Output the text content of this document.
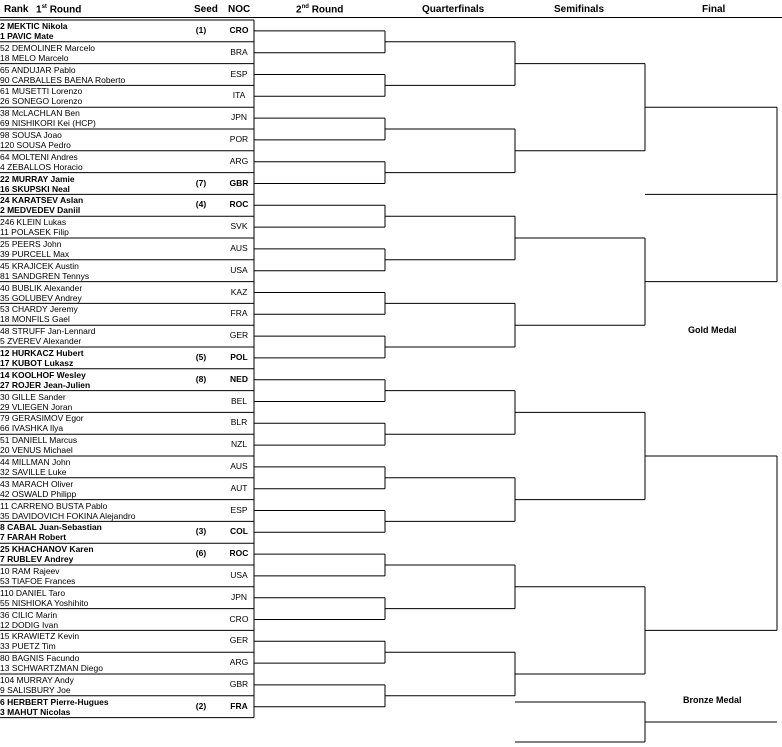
Rank 1st Round	Seed NOC	2nd Round	Quarterfinals	Semifinals	Final
2 MEKTIC Nikola
1 PAVIC Mate
(1)	CRO
52 DEMOLINER Marcelo
18 MELO Marcelo
BRA
65 ANDUJAR Pablo
90 CARBALLES BAENA Roberto
ESP
61 MUSETTI Lorenzo
26 SONEGO Lorenzo
ITA
38 McLACHLAN Ben
69 NISHIKORI Kei (HCP)
JPN
98 SOUSA Joao
120 SOUSA Pedro
POR
64 MOLTENI Andres
4 ZEBALLOS Horacio
ARG
22 MURRAY Jamie
16 SKUPSKI Neal
(7)	GBR
24 KARATSEV Aslan
2 MEDVEDEV Daniil
(4)	ROC
246 KLEIN Lukas
11 POLASEK Filip
SVK
25 PEERS John
39 PURCELL Max
AUS
45 KRAJICEK Austin
81 SANDGREN Tennys
USA
40 BUBLIK Alexander
35 GOLUBEV Andrey
KAZ
53 CHARDY Jeremy
18 MONFILS Gael
FRA
48 STRUFF Jan-Lennard
5 ZVEREV Alexander
GER
12 HURKACZ Hubert
17 KUBOT Lukasz
(5)	POL
14 KOOLHOF Wesley
27 ROJER Jean-Julien
(8)	NED
30 GILLE Sander
29 VLIEGEN Joran
BEL
79 GERASIMOV Egor
66 IVASHKA Ilya
BLR
51 DANIELL Marcus
20 VENUS Michael
NZL
44 MILLMAN John
32 SAVILLE Luke
AUS
43 MARACH Oliver
42 OSWALD Philipp
AUT
11 CARRENO BUSTA Pablo
35 DAVIDOVICH FOKINA Alejandro
ESP
8 CABAL Juan-Sebastian
7 FARAH Robert
(3)	COL
25 KHACHANOV Karen
7 RUBLEV Andrey
(6)	ROC
10 RAM Rajeev
53 TIAFOE Frances
USA
110 DANIEL Taro
55 NISHIOKA Yoshihito
JPN
36 CILIC Marin
12 DODIG Ivan
CRO
15 KRAWIETZ Kevin
33 PUETZ Tim
GER
80 BAGNIS Facundo
13 SCHWARTZMAN Diego
ARG
104 MURRAY Andy
9 SALISBURY Joe
GBR
6 HERBERT Pierre-Hugues
3 MAHUT Nicolas
(2)	FRA
Gold Medal
Bronze Medal
